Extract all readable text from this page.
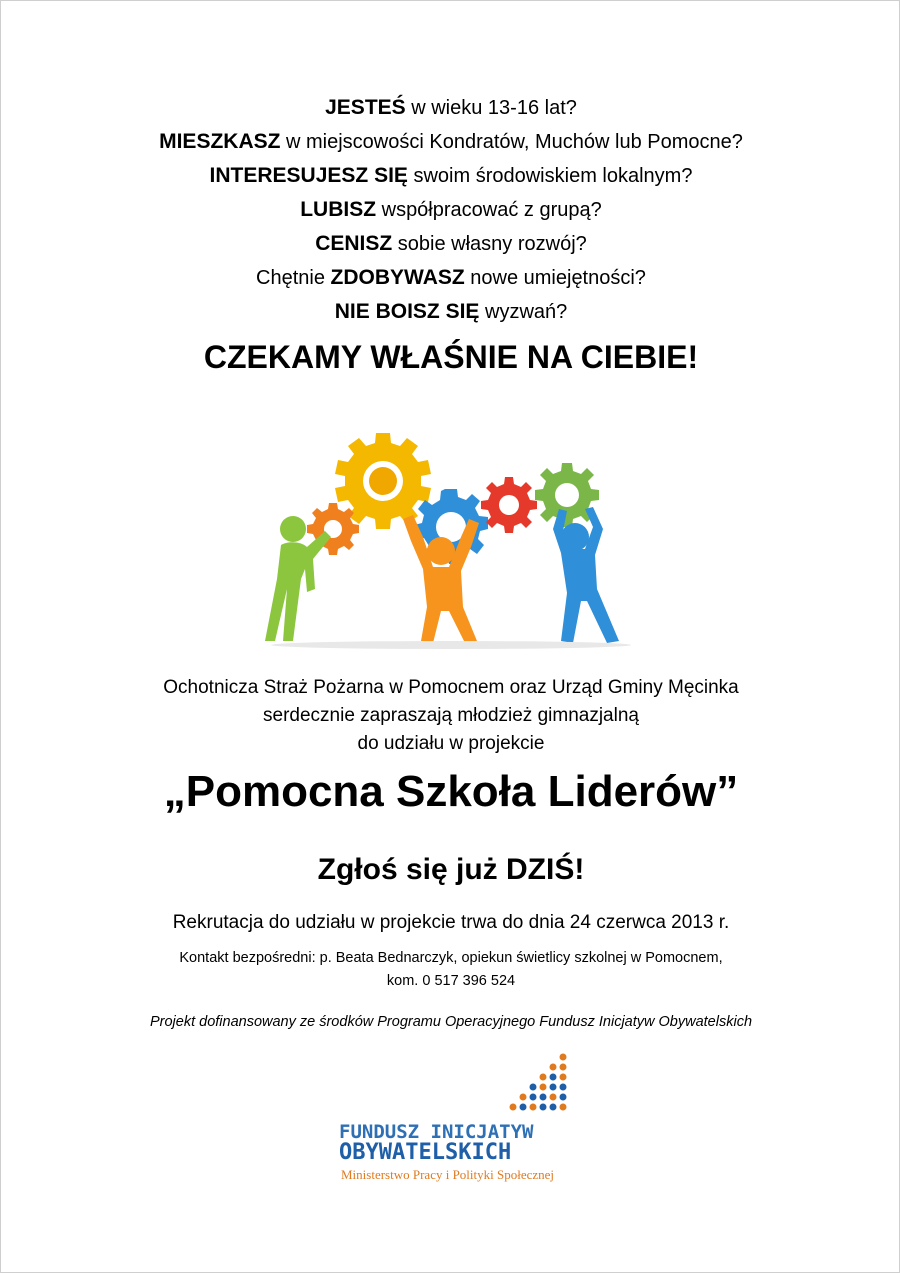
JESTEŚ w wieku 13-16 lat?
MIESZKASZ w miejscowości Kondratów, Muchów lub Pomocne?
INTERESUJESZ SIĘ swoim środowiskiem lokalnym?
LUBISZ współpracować z grupą?
CENISZ sobie własny rozwój?
Chętnie ZDOBYWASZ nowe umiejętności?
NIE BOISZ SIĘ wyzwań?
CZEKAMY WŁAŚNIE NA CIEBIE!
Ochotnicza Straż Pożarna w Pomocnem oraz Urząd Gminy Męcinka
serdecznie zapraszają młodzież gimnazjalną
do udziału w projekcie
„Pomocna Szkoła Liderów”
Zgłoś się już DZIŚ!
Rekrutacja do udziału w projekcie trwa do dnia 24 czerwca 2013 r.
Kontakt bezpośredni: p. Beata Bednarczyk, opiekun świetlicy szkolnej w Pomocnem,
kom. 0 517 396 524
Projekt dofinansowany ze środków Programu Operacyjnego Fundusz Inicjatyw Obywatelskich
FUNDUSZ INICJATYW
OBYWATELSKICH
Ministerstwo Pracy i Polityki Społecznej
